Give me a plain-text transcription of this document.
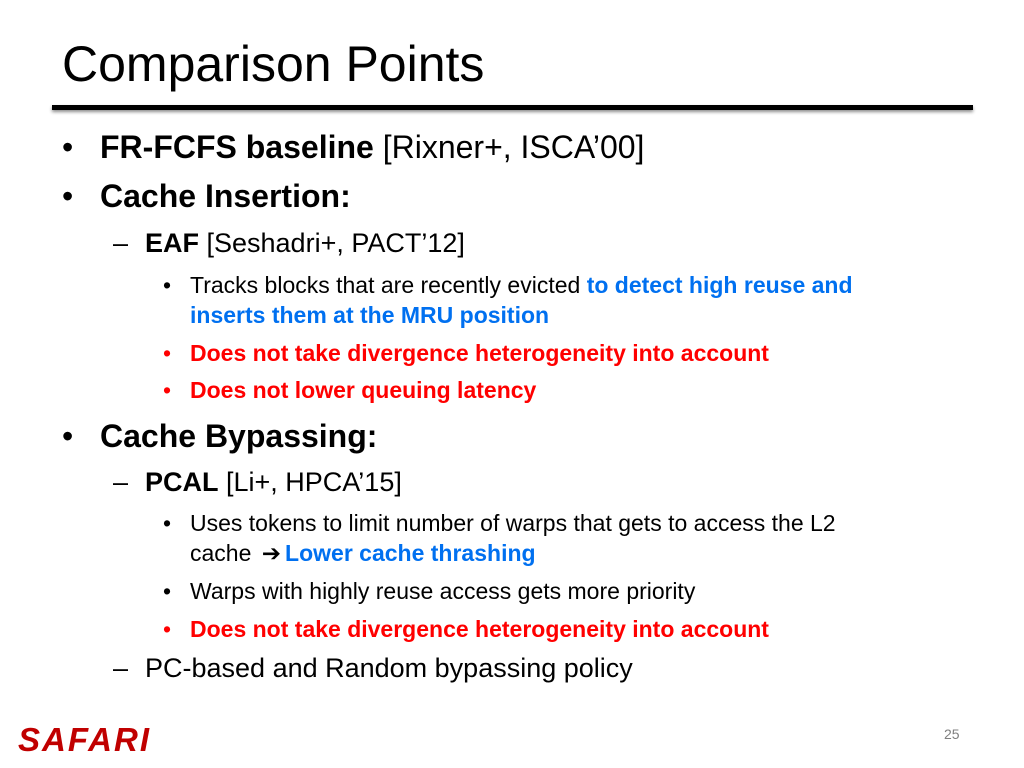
Comparison Points
• FR-FCFS baseline [Rixner+, ISCA’00]
• Cache Insertion:
– EAF [Seshadri+, PACT’12]
• Tracks blocks that are recently evicted to detect high reuse and
inserts them at the MRU position
• Does not take divergence heterogeneity into account
• Does not lower queuing latency
• Cache Bypassing:
– PCAL [Li+, HPCA’15]
• Uses tokens to limit number of warps that gets to access the L2
cache ➔ Lower cache thrashing
• Warps with highly reuse access gets more priority
• Does not take divergence heterogeneity into account
– PC-based and Random bypassing policy
SAFARI	25
